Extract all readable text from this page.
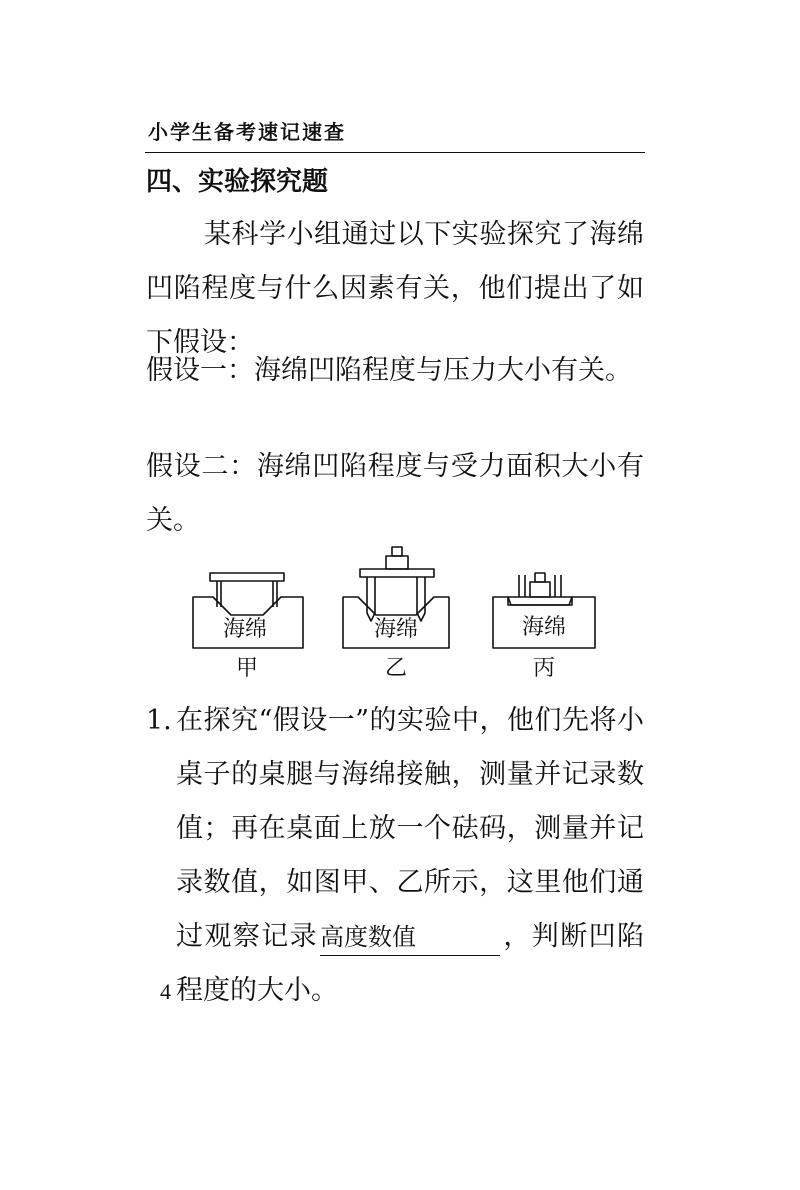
小学生备考速记速查
四、实验探究题

某科学小组通过以下实验探究了海绵凹陷程度与什么因素有关，他们提出了如下假设：

假设一：海绵凹陷程度与压力大小有关。

假设二：海绵凹陷程度与受力面积大小有关。

海绵	海绵	海绵
甲	乙	丙
1. 在探究“假设一”的实验中，他们先将小桌子的桌腿与海绵接触，测量并记录数值；再在桌面上放一个砝码，测量并记录数值，如图甲、乙所示，这里他们通过观察记录高度数值	，判断凹陷程度的大小。
4
